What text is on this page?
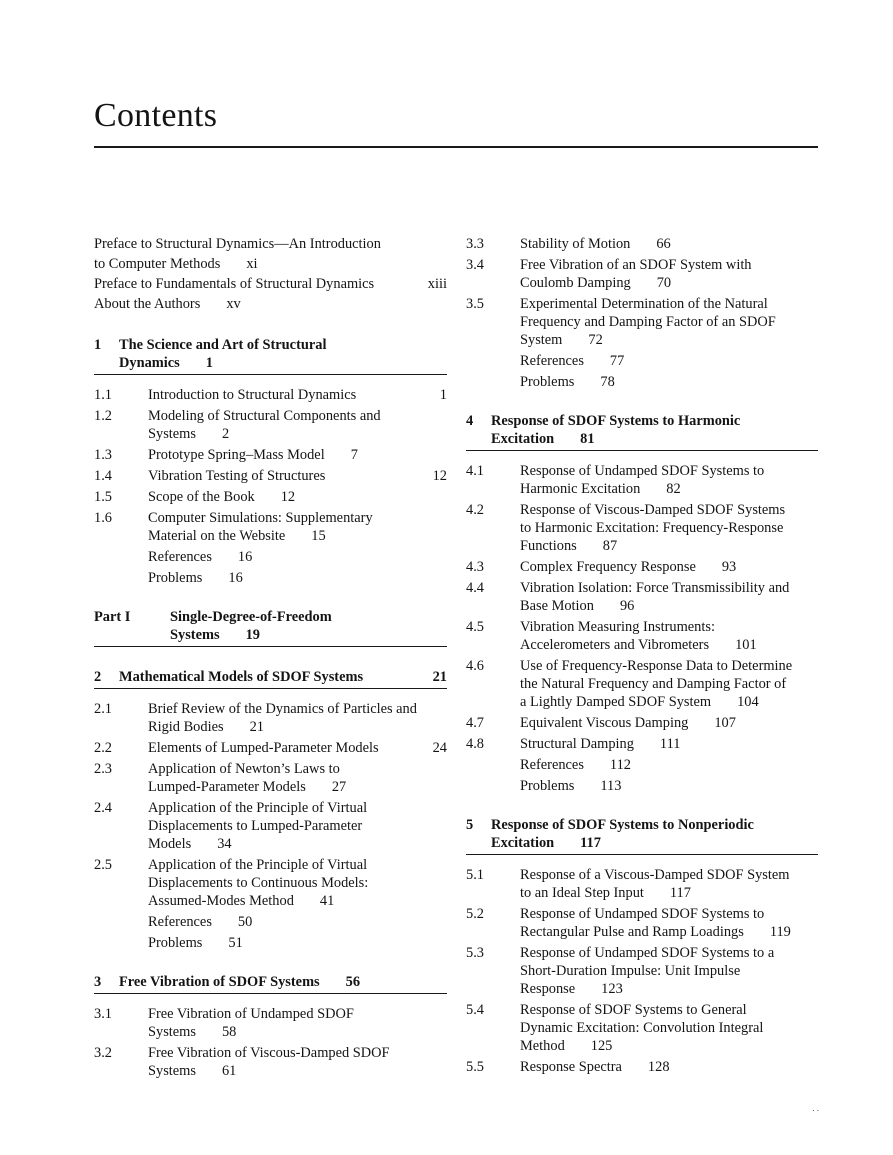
Contents
Preface to Structural Dynamics—An Introduction
to Computer Methods xi
Preface to Fundamentals of Structural Dynamics	xiii
About the Authors xv
1 The Science and Art of Structural
Dynamics 1
1.1	Introduction to Structural Dynamics	1
1.2	Modeling of Structural Components and
Systems 2
1.3	Prototype Spring–Mass Model 7
1.4	Vibration Testing of Structures	12
1.5	Scope of the Book 12
1.6	Computer Simulations: Supplementary
Material on the Website 15
References 16
Problems 16
Part I	Single-Degree-of-Freedom
Systems 19
2 Mathematical Models of SDOF Systems	21
2.1	Brief Review of the Dynamics of Particles and
Rigid Bodies 21
2.2	Elements of Lumped-Parameter Models	24
2.3	Application of Newton’s Laws to
Lumped-Parameter Models 27
2.4	Application of the Principle of Virtual
Displacements to Lumped-Parameter
Models 34
2.5	Application of the Principle of Virtual
Displacements to Continuous Models:
Assumed-Modes Method 41
References 50
Problems 51
3 Free Vibration of SDOF Systems 56
3.1	Free Vibration of Undamped SDOF
Systems 58
3.2	Free Vibration of Viscous-Damped SDOF
Systems 61
3.3	Stability of Motion 66
3.4	Free Vibration of an SDOF System with
Coulomb Damping 70
3.5	Experimental Determination of the Natural
Frequency and Damping Factor of an SDOF
System 72
References 77
Problems 78
4 Response of SDOF Systems to Harmonic
Excitation 81
4.1	Response of Undamped SDOF Systems to
Harmonic Excitation 82
4.2	Response of Viscous-Damped SDOF Systems
to Harmonic Excitation: Frequency-Response
Functions 87
4.3	Complex Frequency Response 93
4.4	Vibration Isolation: Force Transmissibility and
Base Motion 96
4.5	Vibration Measuring Instruments:
Accelerometers and Vibrometers 101
4.6	Use of Frequency-Response Data to Determine
the Natural Frequency and Damping Factor of
a Lightly Damped SDOF System 104
4.7	Equivalent Viscous Damping 107
4.8	Structural Damping 111
References 112
Problems 113
5 Response of SDOF Systems to Nonperiodic
Excitation 117
5.1	Response of a Viscous-Damped SDOF System
to an Ideal Step Input 117
5.2	Response of Undamped SDOF Systems to
Rectangular Pulse and Ramp Loadings 119
5.3	Response of Undamped SDOF Systems to a
Short-Duration Impulse: Unit Impulse
Response 123
5.4	Response of SDOF Systems to General
Dynamic Excitation: Convolution Integral
Method 125
5.5	Response Spectra 128
. .
